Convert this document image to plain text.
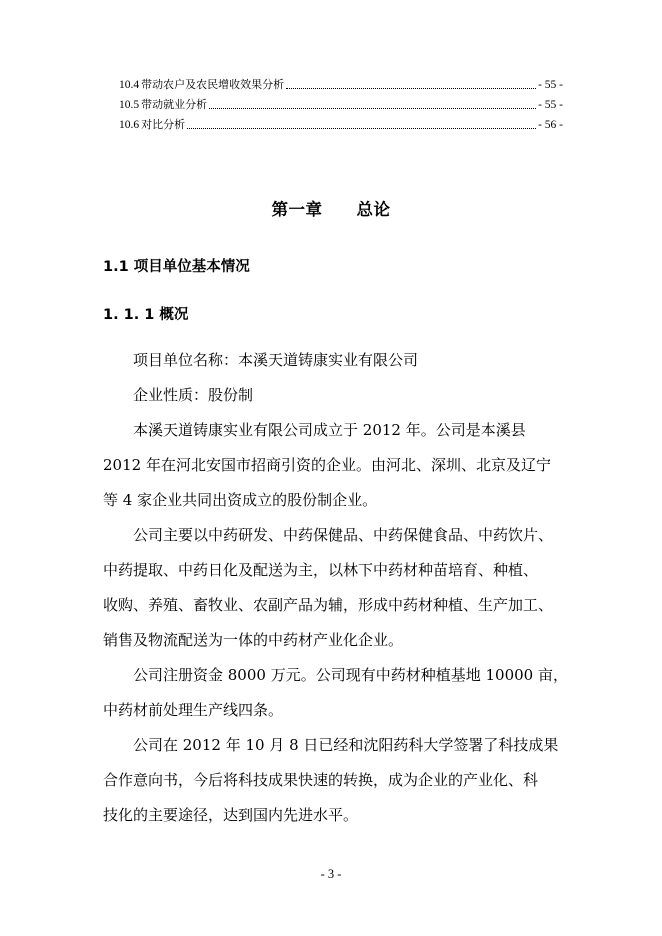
10.4 带动农户及农民增收效果分析	- 55 -
10.5 带动就业分析	- 55 -
10.6 对比分析	- 56 -
第一章 总论
1.1 项目单位基本情况
1. 1. 1 概况
项目单位名称：本溪天道铸康实业有限公司
企业性质：股份制
本溪天道铸康实业有限公司成立于 2012 年。公司是本溪县
2012 年在河北安国市招商引资的企业。由河北、深圳、北京及辽宁
等 4 家企业共同出资成立的股份制企业。
公司主要以中药研发、中药保健品、中药保健食品、中药饮片、
中药提取、中药日化及配送为主，以林下中药材种苗培育、种植、
收购、养殖、畜牧业、农副产品为辅，形成中药材种植、生产加工、
销售及物流配送为一体的中药材产业化企业。
公司注册资金 8000 万元。公司现有中药材种植基地 10000 亩，
中药材前处理生产线四条。
公司在 2012 年 10 月 8 日已经和沈阳药科大学签署了科技成果
合作意向书，今后将科技成果快速的转换，成为企业的产业化、科
技化的主要途径，达到国内先进水平。
- 3 -
